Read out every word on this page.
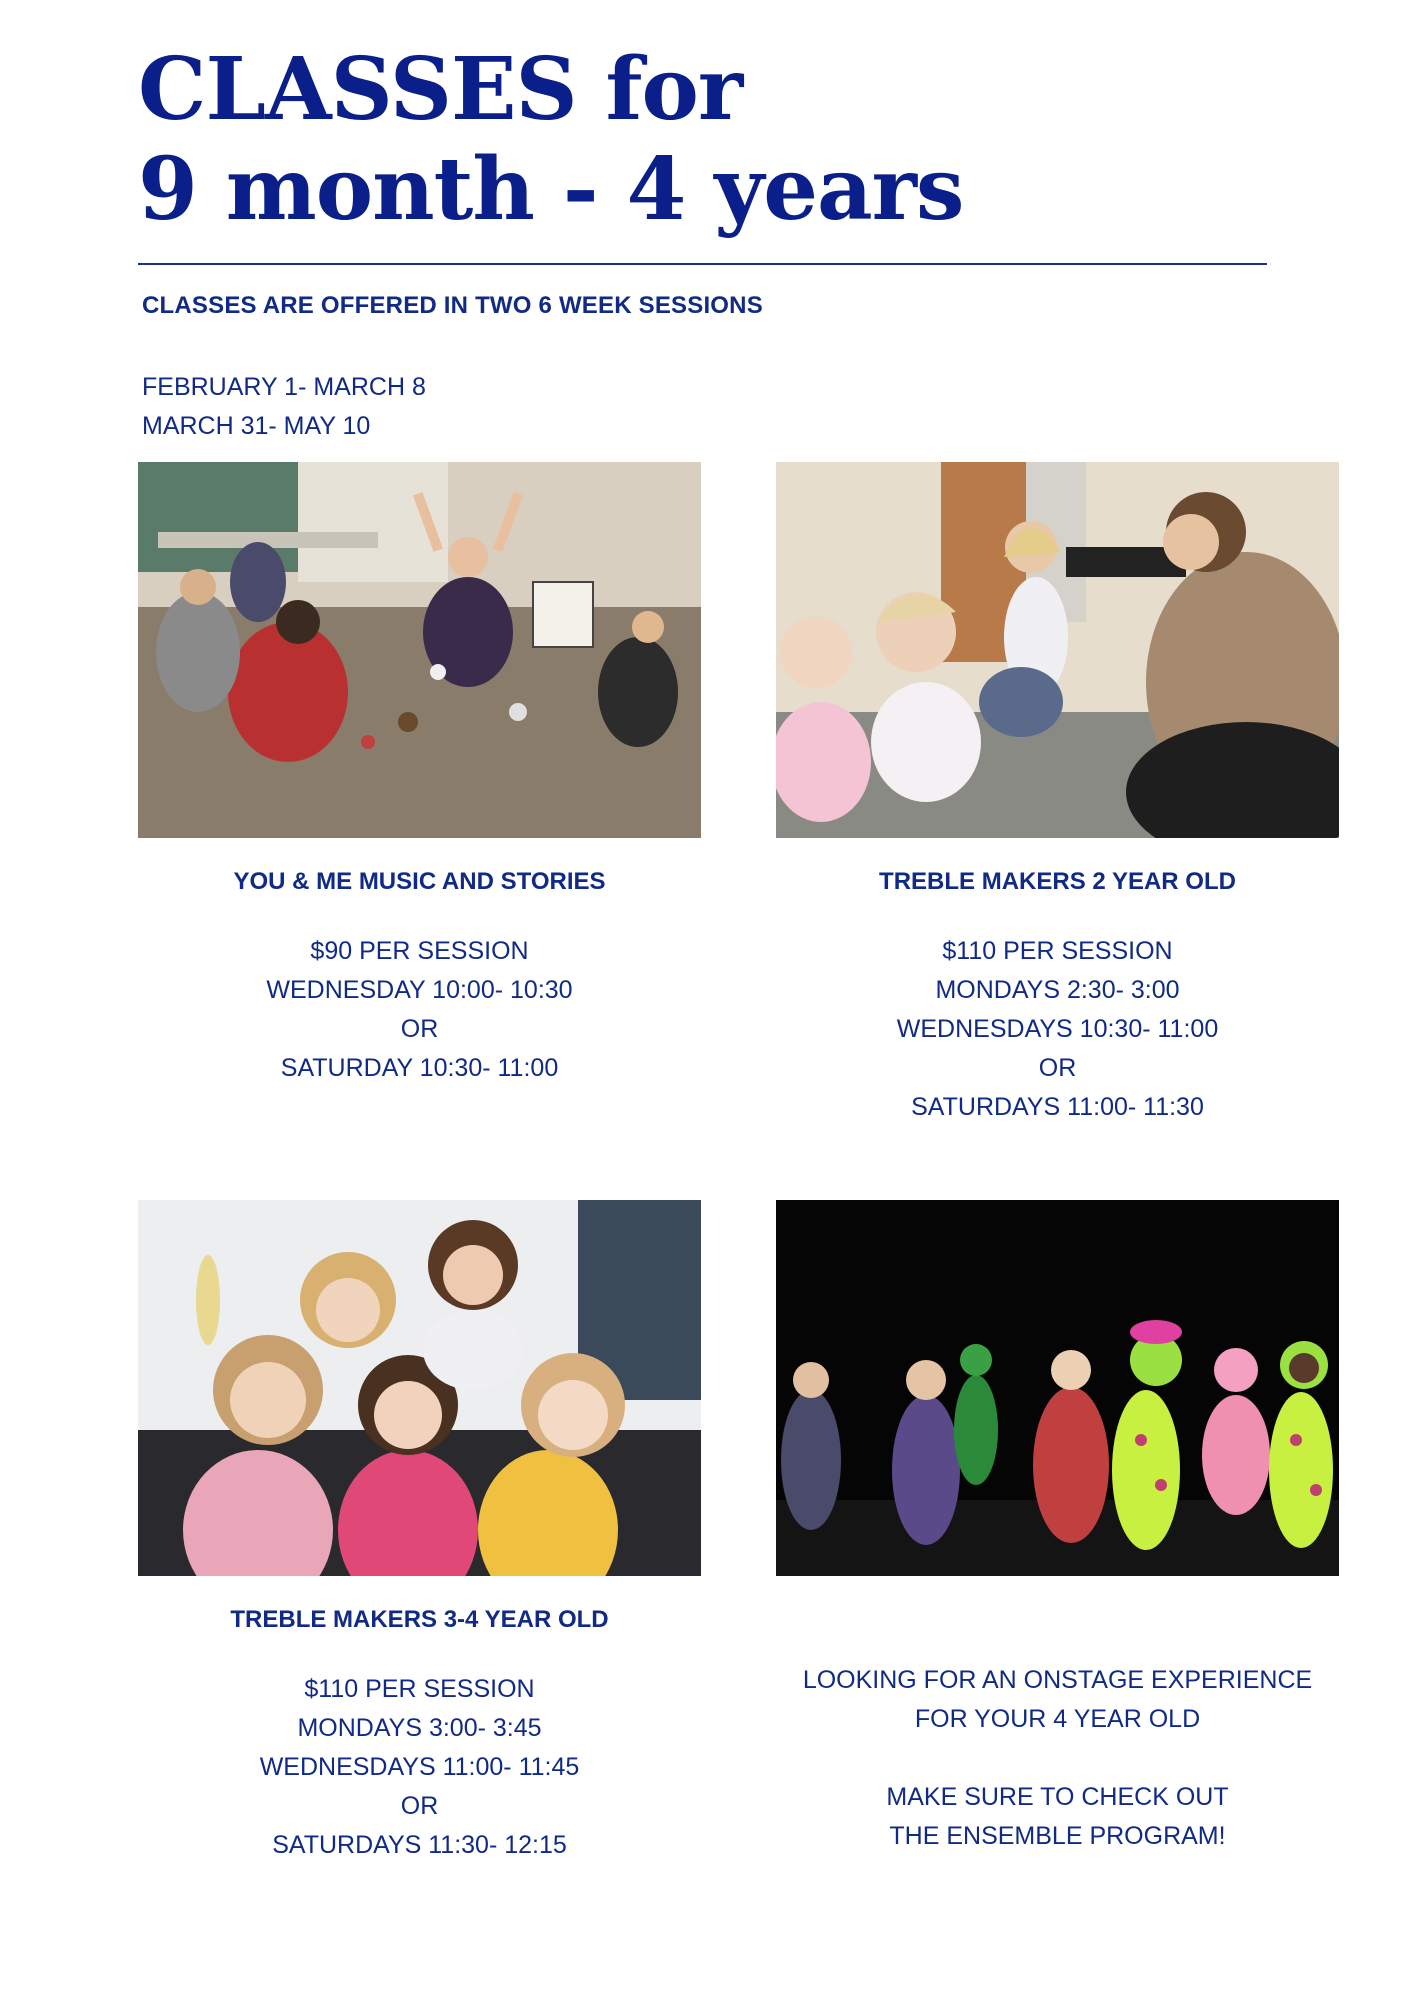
CLASSES for
9 month - 4 years
CLASSES ARE OFFERED IN TWO 6 WEEK SESSIONS
FEBRUARY 1- MARCH 8
MARCH 31- MAY 10
YOU & ME MUSIC AND STORIES
$90 PER SESSION
WEDNESDAY 10:00- 10:30
OR
SATURDAY 10:30- 11:00
TREBLE MAKERS 2 YEAR OLD
$110 PER SESSION
MONDAYS 2:30- 3:00
WEDNESDAYS 10:30- 11:00
OR
SATURDAYS 11:00- 11:30
TREBLE MAKERS 3-4 YEAR OLD
$110 PER SESSION
MONDAYS 3:00- 3:45
WEDNESDAYS 11:00- 11:45
OR
SATURDAYS 11:30- 12:15
LOOKING FOR AN ONSTAGE EXPERIENCE
FOR YOUR 4 YEAR OLD
MAKE SURE TO CHECK OUT
THE ENSEMBLE PROGRAM!
